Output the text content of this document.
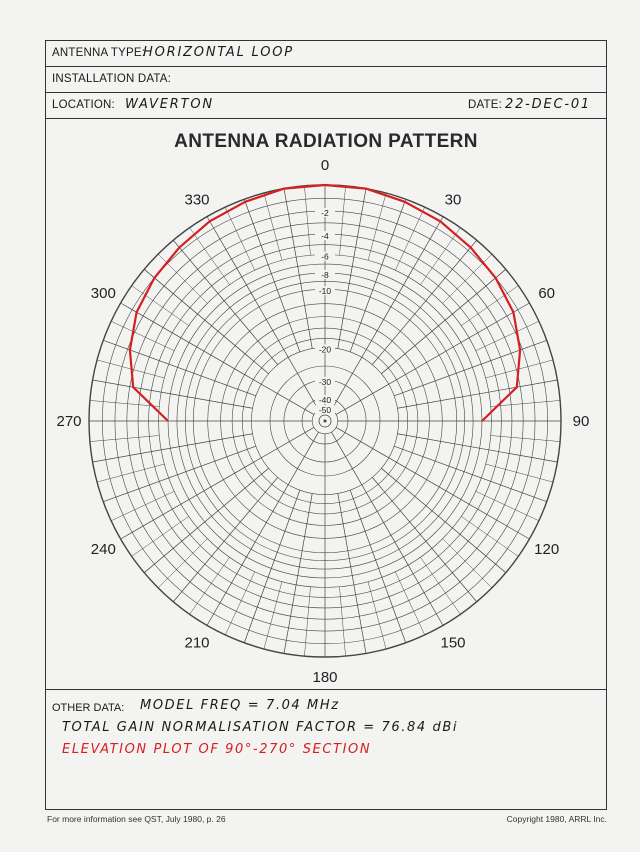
ANTENNA TYPE:
HORIZONTAL LOOP
INSTALLATION DATA:
LOCATION: WAVERTON	DATE: 22-DEC-01
ANTENNA RADIATION PATTERN
0
30
60
90
120
150
180
210
240
270
300
330
-2
-4
-6
-8
-10
-20
-30
-40
-50
OTHER DATA: MODEL FREQ = 7.04 MHz
TOTAL GAIN NORMALISATION FACTOR = 76.84 dBi
ELEVATION PLOT OF 90°-270° SECTION
For more information see QST, July 1980, p. 26	Copyright 1980, ARRL Inc.
